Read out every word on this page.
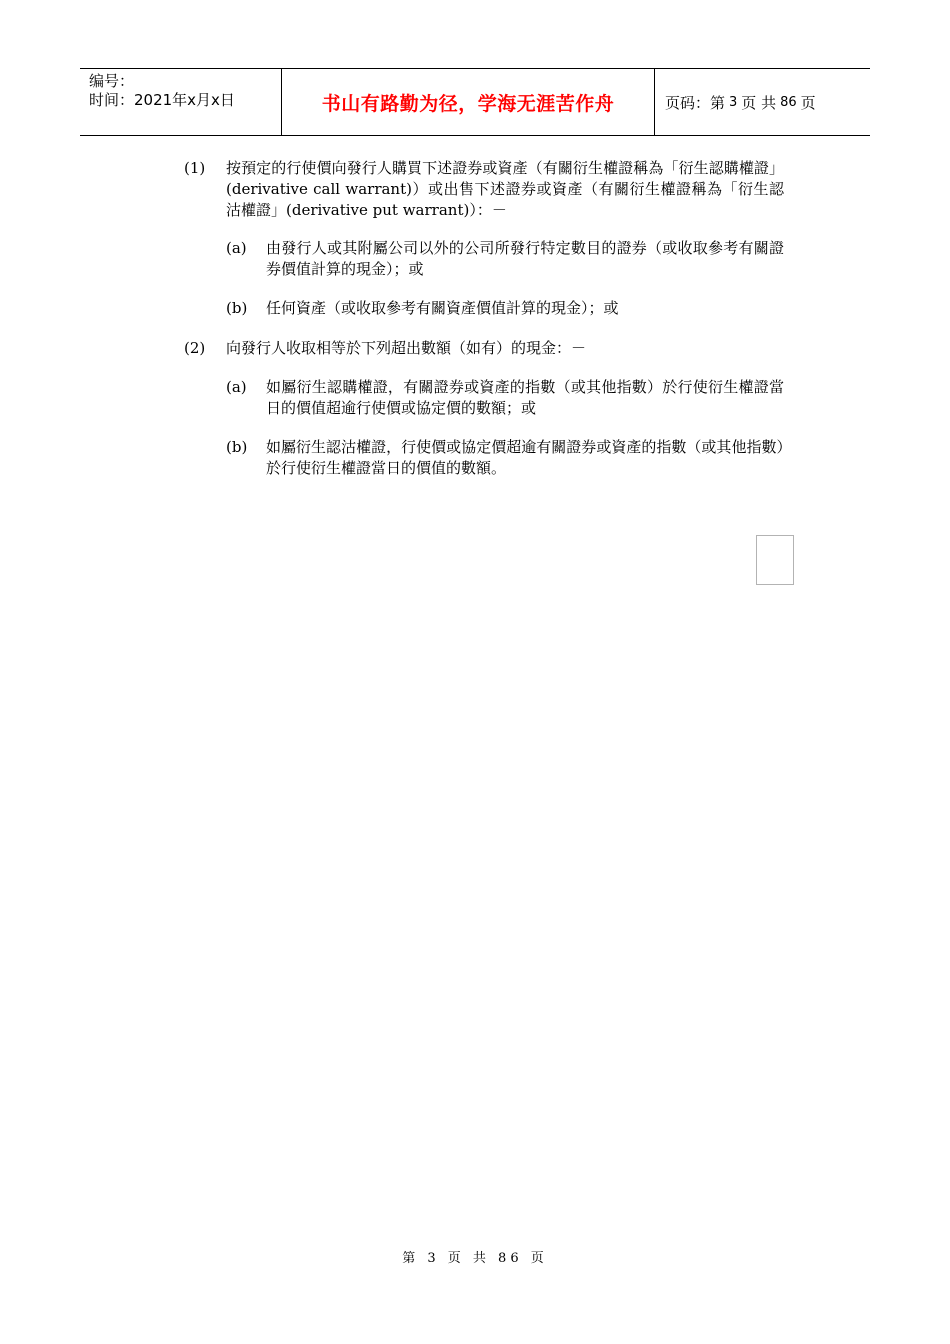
编号：
时间：2021年x月x日	书山有路勤为径，学海无涯苦作舟	页码：第 3 页 共 86 页
(1) 按預定的行使價向發行人購買下述證券或資產（有關衍生權證稱為「衍生認購權證」(derivative call warrant)）或出售下述證券或資產（有關衍生權證稱為「衍生認沽權證」(derivative put warrant)）：－
(a) 由發行人或其附屬公司以外的公司所發行特定數目的證券（或收取參考有關證券價值計算的現金）；或
(b) 任何資產（或收取參考有關資產價值計算的現金）；或
(2) 向發行人收取相等於下列超出數額（如有）的現金：－
(a) 如屬衍生認購權證，有關證券或資產的指數（或其他指數）於行使衍生權證當日的價值超逾行使價或協定價的數額；或
(b) 如屬衍生認沽權證，行使價或協定價超逾有關證券或資產的指數（或其他指數）於行使衍生權證當日的價值的數額。
第 3 页 共 86 页
